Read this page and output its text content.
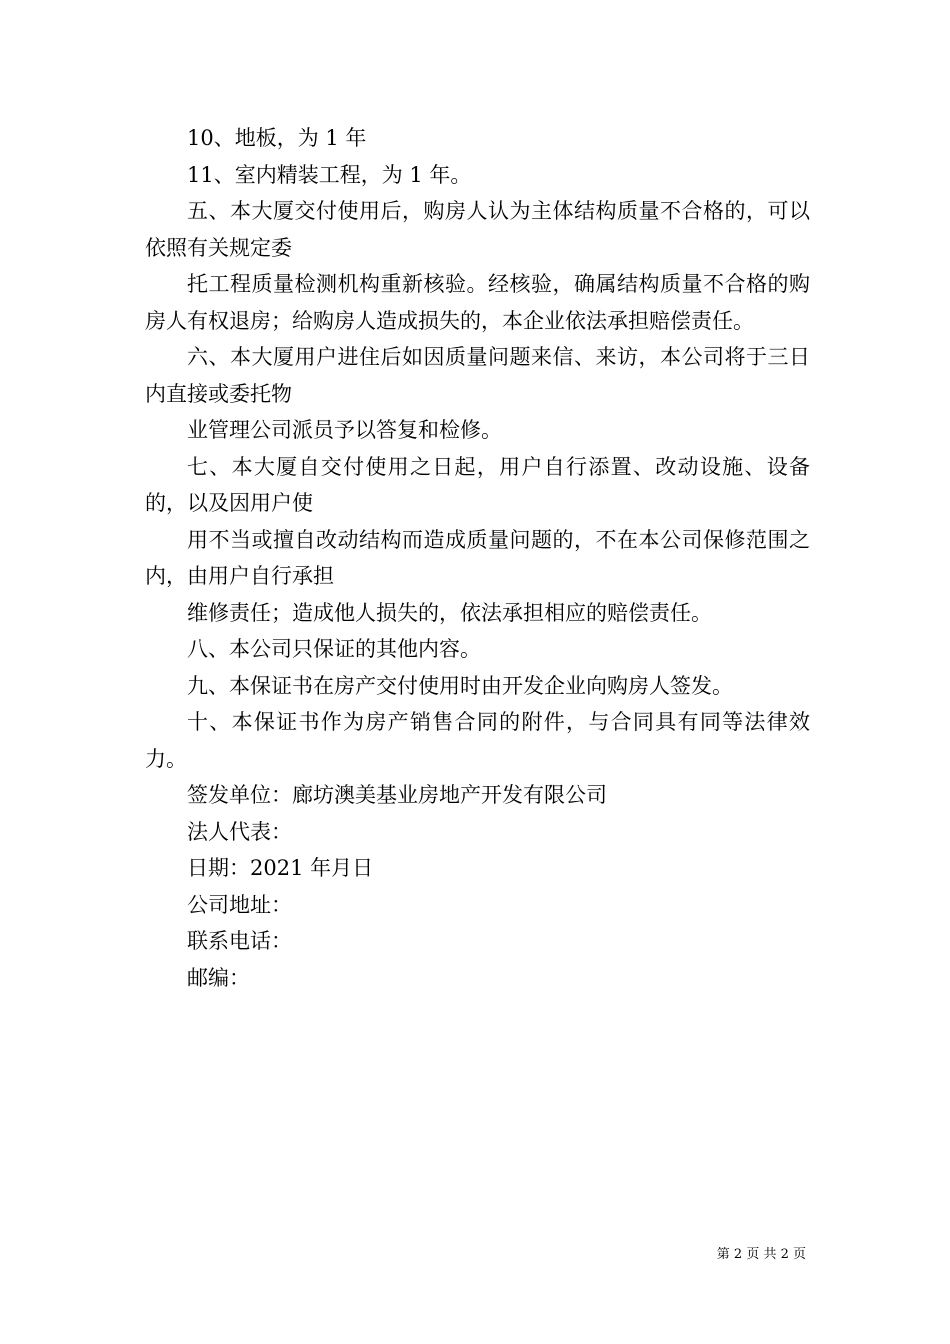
10、地板，为 1 年

11、室内精装工程，为 1 年。

五、本大厦交付使用后，购房人认为主体结构质量不合格的，可以依照有关规定委

托工程质量检测机构重新核验。经核验，确属结构质量不合格的购房人有权退房；给购房人造成损失的，本企业依法承担赔偿责任。

六、本大厦用户进住后如因质量问题来信、来访，本公司将于三日内直接或委托物

业管理公司派员予以答复和检修。

七、本大厦自交付使用之日起，用户自行添置、改动设施、设备的，以及因用户使

用不当或擅自改动结构而造成质量问题的，不在本公司保修范围之内，由用户自行承担

维修责任；造成他人损失的，依法承担相应的赔偿责任。

八、本公司只保证的其他内容。

九、本保证书在房产交付使用时由开发企业向购房人签发。

十、本保证书作为房产销售合同的附件，与合同具有同等法律效力。

签发单位：廊坊澳美基业房地产开发有限公司

法人代表：

日期：2021 年月日

公司地址：

联系电话：

邮编：

第 2 页 共 2 页
